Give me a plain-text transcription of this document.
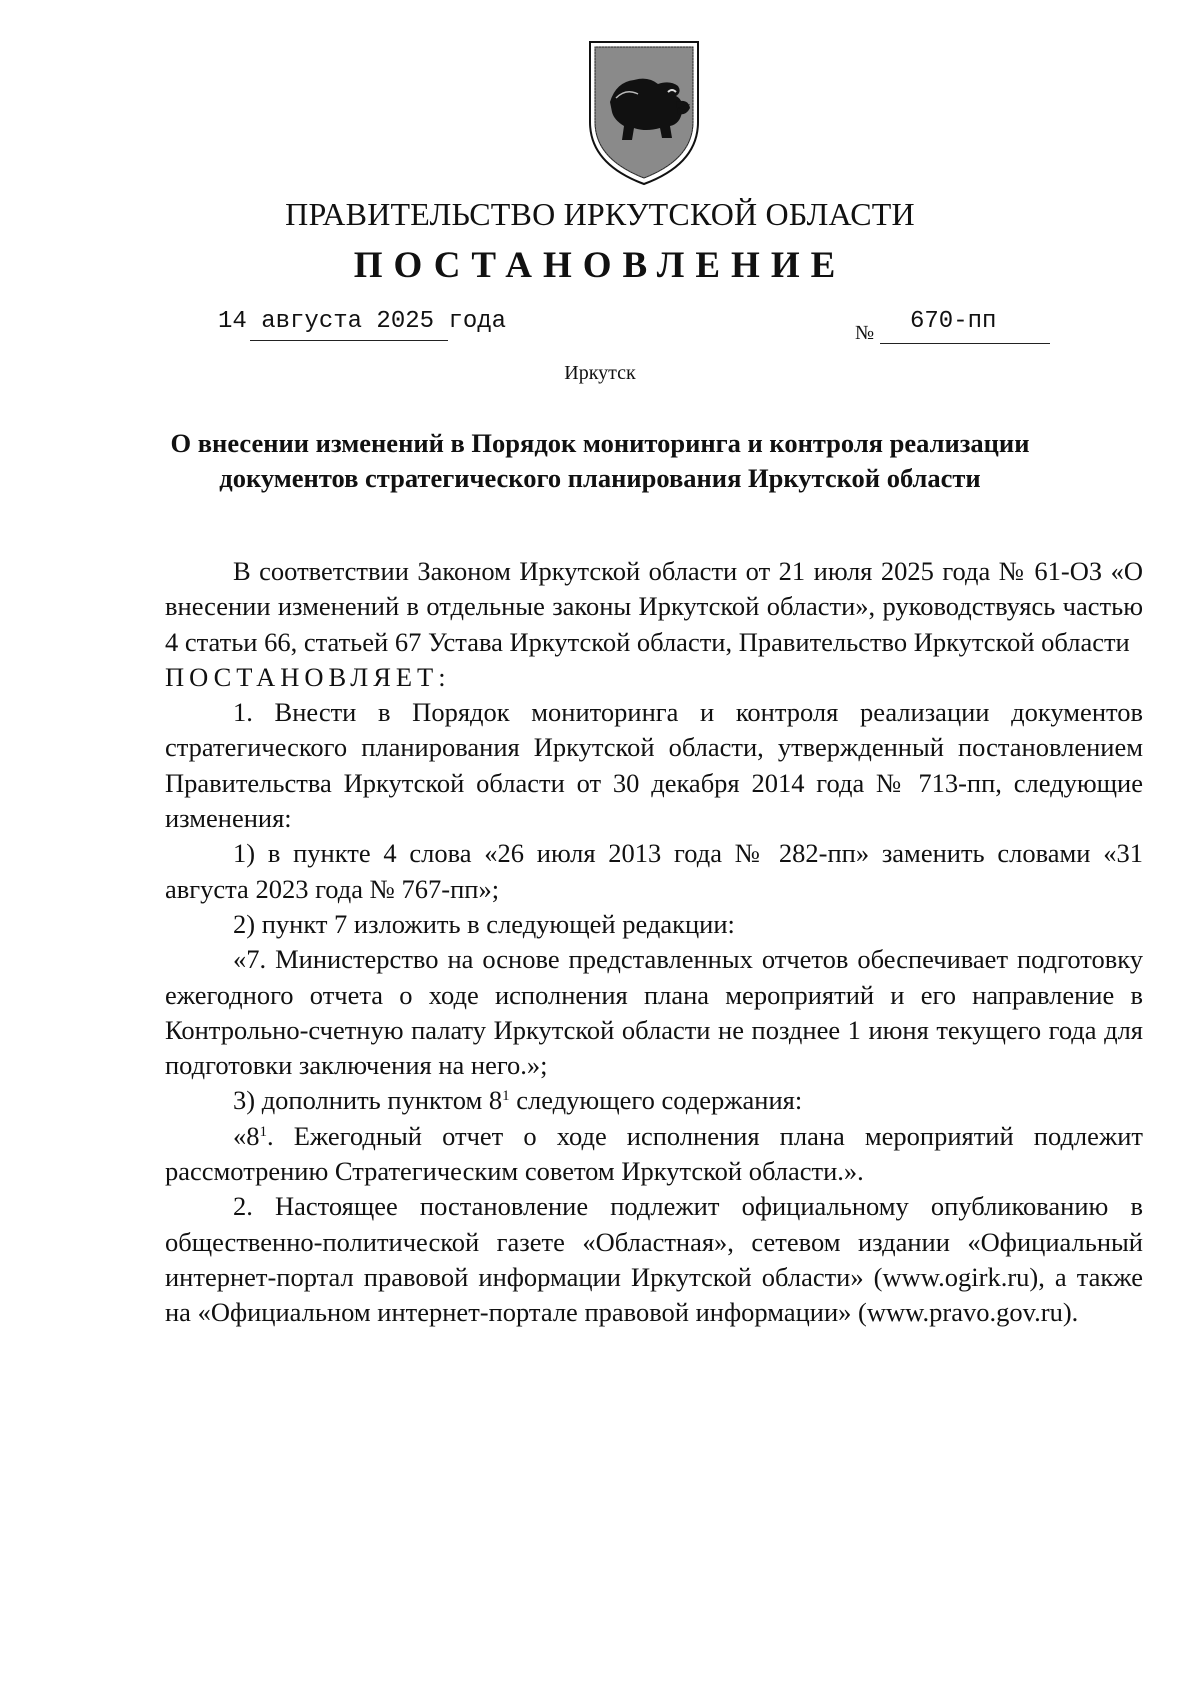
ПРАВИТЕЛЬСТВО ИРКУТСКОЙ ОБЛАСТИ
ПОСТАНОВЛЕНИЕ
14 августа 2025 года	№ 670-пп
Иркутск
О внесении изменений в Порядок мониторинга и контроля реализации
документов стратегического планирования Иркутской области

В соответствии Законом Иркутской области от 21 июля 2025 года № 61-ОЗ «О внесении изменений в отдельные законы Иркутской области», руководствуясь частью 4 статьи 66, статьей 67 Устава Иркутской области, Правительство Иркутской области

ПОСТАНОВЛЯЕТ:

1. Внести в Порядок мониторинга и контроля реализации документов стратегического планирования Иркутской области, утвержденный постановлением Правительства Иркутской области от 30 декабря 2014 года № 713-пп, следующие изменения:

1) в пункте 4 слова «26 июля 2013 года № 282-пп» заменить словами «31 августа 2023 года № 767-пп»;

2) пункт 7 изложить в следующей редакции:

«7. Министерство на основе представленных отчетов обеспечивает подготовку ежегодного отчета о ходе исполнения плана мероприятий и его направление в Контрольно-счетную палату Иркутской области не позднее 1 июня текущего года для подготовки заключения на него.»;

3) дополнить пунктом $8^1$ следующего содержания:

«$8^1$. Ежегодный отчет о ходе исполнения плана мероприятий подлежит рассмотрению Стратегическим советом Иркутской области.».

2. Настоящее постановление подлежит официальному опубликованию в общественно-политической газете «Областная», сетевом издании «Официальный интернет-портал правовой информации Иркутской области» (www.ogirk.ru), а также на «Официальном интернет-портале правовой информации» (www.pravo.gov.ru).
